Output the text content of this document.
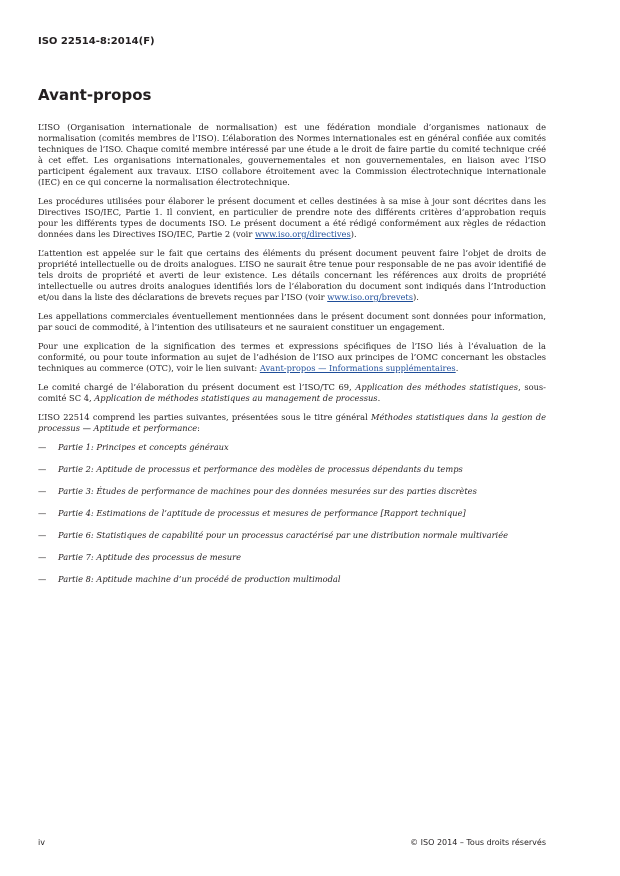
ISO 22514-8:2014(F)
Avant-propos

L’ISO (Organisation internationale de normalisation) est une fédération mondiale d’organismes nationaux de normalisation (comités membres de l’ISO). L’élaboration des Normes internationales est en général confiée aux comités techniques de l’ISO. Chaque comité membre intéressé par une étude a le droit de faire partie du comité technique créé à cet effet. Les organisations internationales, gouvernementales et non gouvernementales, en liaison avec l’ISO participent également aux travaux. L’ISO collabore étroitement avec la Commission électrotechnique internationale (IEC) en ce qui concerne la normalisation électrotechnique.

Les procédures utilisées pour élaborer le présent document et celles destinées à sa mise à jour sont décrites dans les Directives ISO/IEC, Partie 1. Il convient, en particulier de prendre note des différents critères d’approbation requis pour les différents types de documents ISO. Le présent document a été rédigé conformément aux règles de rédaction données dans les Directives ISO/IEC, Partie 2 (voir www.iso.org/directives).

L’attention est appelée sur le fait que certains des éléments du présent document peuvent faire l’objet de droits de propriété intellectuelle ou de droits analogues. L’ISO ne saurait être tenue pour responsable de ne pas avoir identifié de tels droits de propriété et averti de leur existence. Les détails concernant les références aux droits de propriété intellectuelle ou autres droits analogues identifiés lors de l’élaboration du document sont indiqués dans l’Introduction et/ou dans la liste des déclarations de brevets reçues par l’ISO (voir www.iso.org/brevets).

Les appellations commerciales éventuellement mentionnées dans le présent document sont données pour information, par souci de commodité, à l’intention des utilisateurs et ne sauraient constituer un engagement.

Pour une explication de la signification des termes et expressions spécifiques de l’ISO liés à l’évaluation de la conformité, ou pour toute information au sujet de l’adhésion de l’ISO aux principes de l’OMC concernant les obstacles techniques au commerce (OTC), voir le lien suivant: Avant-propos — Informations supplémentaires.

Le comité chargé de l’élaboration du présent document est l’ISO/TC 69, Application des méthodes statistiques, sous-comité SC 4, Application de méthodes statistiques au management de processus.

L’ISO 22514 comprend les parties suivantes, présentées sous le titre général Méthodes statistiques dans la gestion de processus — Aptitude et performance:

— Partie 1: Principes et concepts généraux
— Partie 2: Aptitude de processus et performance des modèles de processus dépendants du temps
— Partie 3: Études de performance de machines pour des données mesurées sur des parties discrètes
— Partie 4: Estimations de l’aptitude de processus et mesures de performance [Rapport technique]
— Partie 6: Statistiques de capabilité pour un processus caractérisé par une distribution normale multivariée
— Partie 7: Aptitude des processus de mesure
— Partie 8: Aptitude machine d’un procédé de production multimodal
iv	© ISO 2014 – Tous droits réservés
